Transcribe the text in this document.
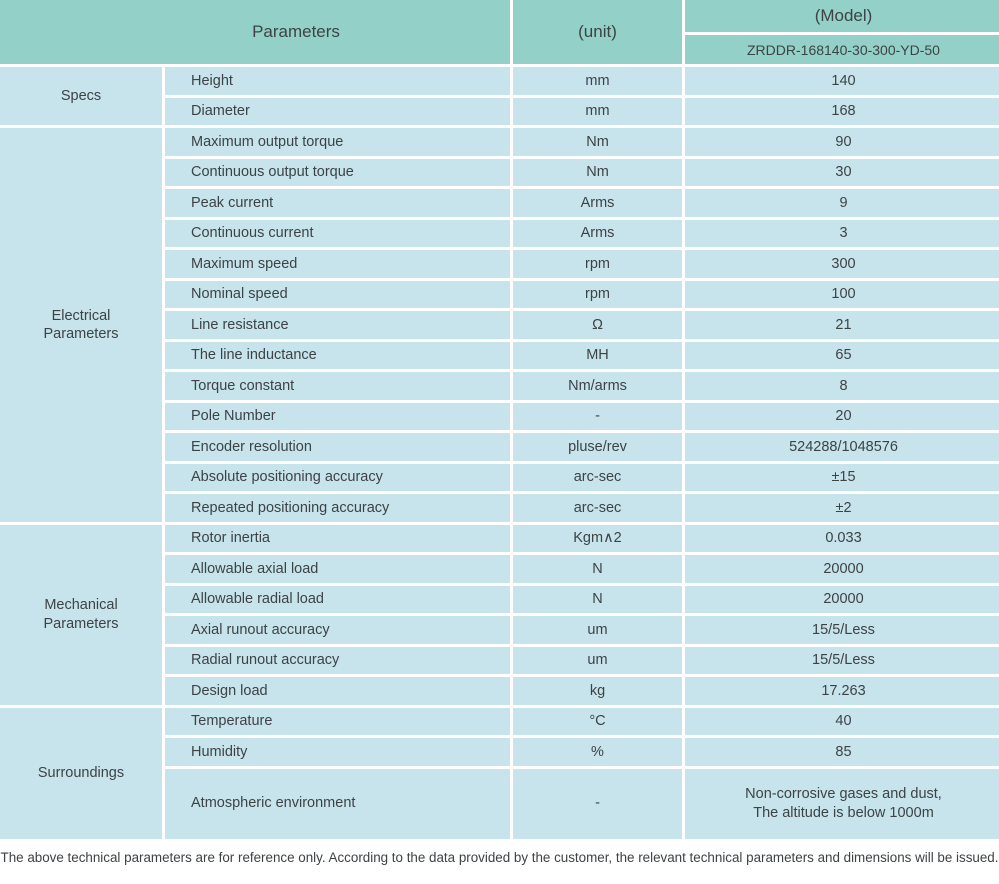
Parameters		(unit)	(Model)
			ZRDDR-168140-30-300-YD-50

Specs	Height	mm	140
	Diameter	mm	168

Electrical
Parameters	Maximum output torque	Nm	90
	Continuous output torque	Nm	30
	Peak current	Arms	9
	Continuous current	Arms	3
	Maximum speed	rpm	300
	Nominal speed	rpm	100
	Line resistance	Ω	21
	The line inductance	MH	65
	Torque constant	Nm/arms	8
	Pole Number	-	20
	Encoder resolution	pluse/rev	524288/1048576
	Absolute positioning accuracy	arc-sec	±15
	Repeated positioning accuracy	arc-sec	±2

Mechanical
Parameters	Rotor inertia	Kgm∧2	0.033
	Allowable axial load	N	20000
	Allowable radial load	N	20000
	Axial runout accuracy	um	15/5/Less
	Radial runout accuracy	um	15/5/Less
	Design load	kg	17.263

Surroundings	Temperature	°C	40
	Humidity	%	85
	Atmospheric environment	-	Non-corrosive gases and dust,
The altitude is below 1000m
The above technical parameters are for reference only. According to the data provided by the customer, the relevant technical parameters and dimensions will be issued.
